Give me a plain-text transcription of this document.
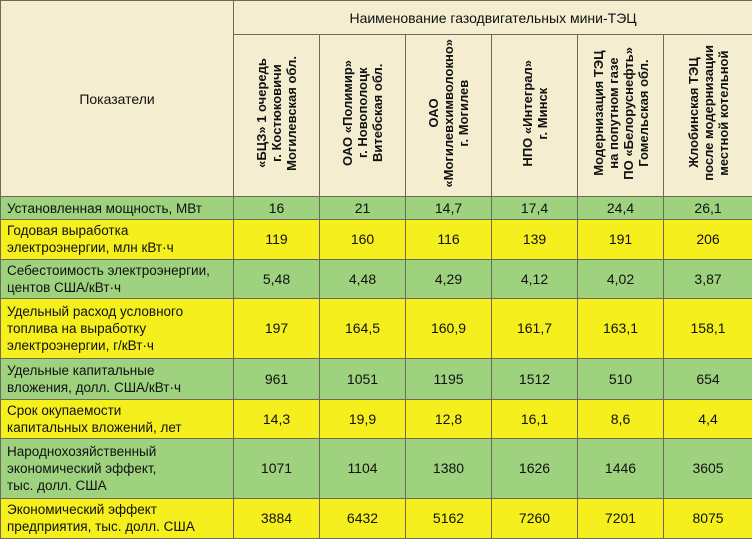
Показатели	Наименование газодвигательных мини-ТЭЦ					
	«БЦЗ» 1 очередь
г. Костюковичи
Могилевская обл.	ОАО «Полимир»
г. Новополоцк
Витебская обл.	ОАО
«Могилевхимволокно»
г. Могилев	НПО «Интеграл»
г. Минск	Модернизация ТЭЦ
на попутном газе
ПО «Белоруснефть»
Гомельская обл.	Жлобинская ТЭЦ
после модернизации
местной котельной
Установленная мощность, МВт	16	21	14,7	17,4	24,4	26,1
Годовая выработка
электроэнергии, млн кВт·ч	119	160	116	139	191	206
Себестоимость электроэнергии,
центов США/кВт·ч	5,48	4,48	4,29	4,12	4,02	3,87
Удельный расход условного
топлива на выработку
электроэнергии, г/кВт·ч	197	164,5	160,9	161,7	163,1	158,1
Удельные капитальные
вложения, долл. США/кВт·ч	961	1051	1195	1512	510	654
Срок окупаемости
капитальных вложений, лет	14,3	19,9	12,8	16,1	8,6	4,4
Народнохозяйственный
экономический эффект,
тыс. долл. США	1071	1104	1380	1626	1446	3605
Экономический эффект
предприятия, тыс. долл. США	3884	6432	5162	7260	7201	8075
